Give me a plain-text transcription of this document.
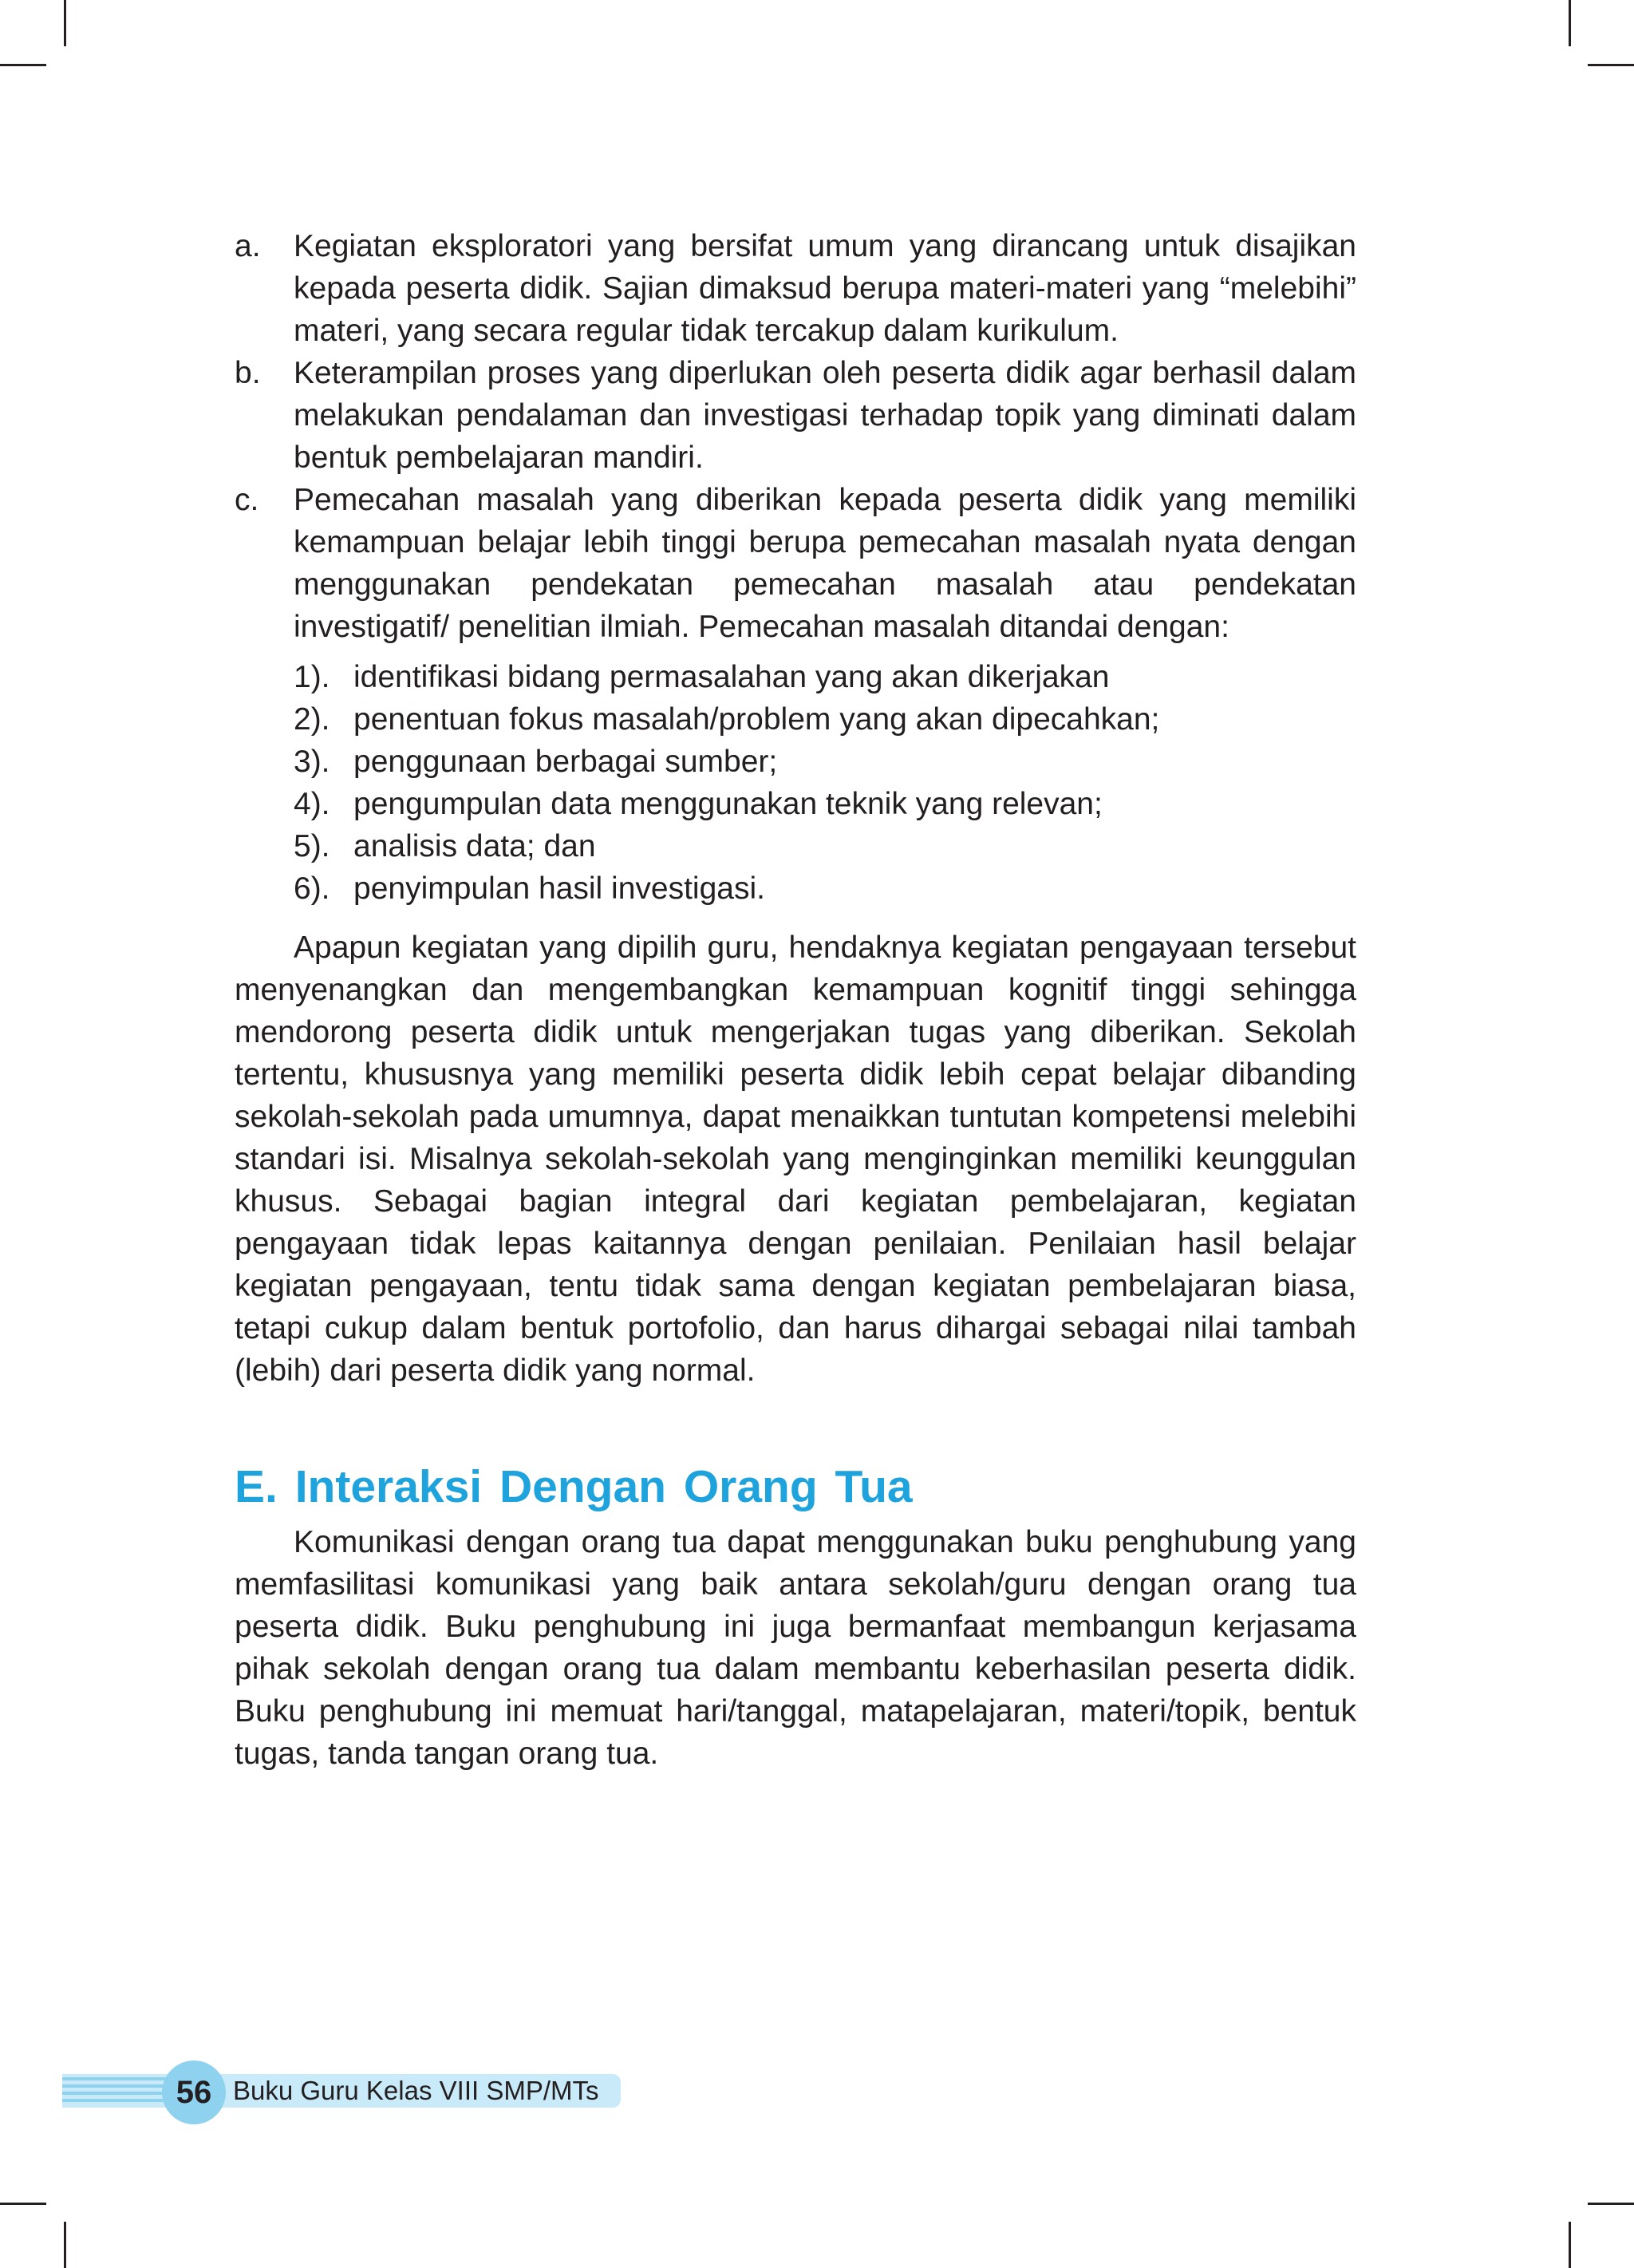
a.	Kegiatan eksploratori yang bersifat umum yang dirancang untuk disajikan kepada peserta didik. Sajian dimaksud berupa materi-materi yang “melebihi” materi, yang secara regular tidak tercakup dalam kurikulum.
b.	Keterampilan proses yang diperlukan oleh peserta didik agar berhasil dalam melakukan pendalaman dan investigasi terhadap topik yang diminati dalam bentuk pembelajaran mandiri.
c.	Pemecahan masalah yang diberikan kepada peserta didik yang memiliki kemampuan belajar lebih tinggi berupa pemecahan masalah nyata dengan menggunakan pendekatan pemecahan masalah atau pendekatan investigatif/ penelitian ilmiah. Pemecahan masalah ditandai dengan:
1). identifikasi bidang permasalahan yang akan dikerjakan
2). penentuan fokus masalah/problem yang akan dipecahkan;
3). penggunaan berbagai sumber;
4). pengumpulan data menggunakan teknik yang relevan;
5). analisis data; dan
6). penyimpulan hasil investigasi.

Apapun kegiatan yang dipilih guru, hendaknya kegiatan pengayaan tersebut menyenangkan dan mengembangkan kemampuan kognitif tinggi sehingga mendorong peserta didik untuk mengerjakan tugas yang diberikan. Sekolah tertentu, khususnya yang memiliki peserta didik lebih cepat belajar dibanding sekolah-sekolah pada umumnya, dapat menaikkan tuntutan kompetensi melebihi standari isi. Misalnya sekolah-sekolah yang menginginkan memiliki keunggulan khusus. Sebagai bagian integral dari kegiatan pembelajaran, kegiatan pengayaan tidak lepas kaitannya dengan penilaian. Penilaian hasil belajar kegiatan pengayaan, tentu tidak sama dengan kegiatan pembelajaran biasa, tetapi cukup dalam bentuk portofolio, dan harus dihargai sebagai nilai tambah (lebih) dari peserta didik yang normal.

E. Interaksi Dengan Orang Tua

Komunikasi dengan orang tua dapat menggunakan buku penghubung yang memfasilitasi komunikasi yang baik antara sekolah/guru dengan orang tua peserta didik. Buku penghubung ini juga bermanfaat membangun kerjasama pihak sekolah dengan orang tua dalam membantu keberhasilan peserta didik. Buku penghubung ini memuat hari/tanggal, matapelajaran, materi/topik, bentuk tugas, tanda tangan orang tua.

56 Buku Guru Kelas VIII SMP/MTs
